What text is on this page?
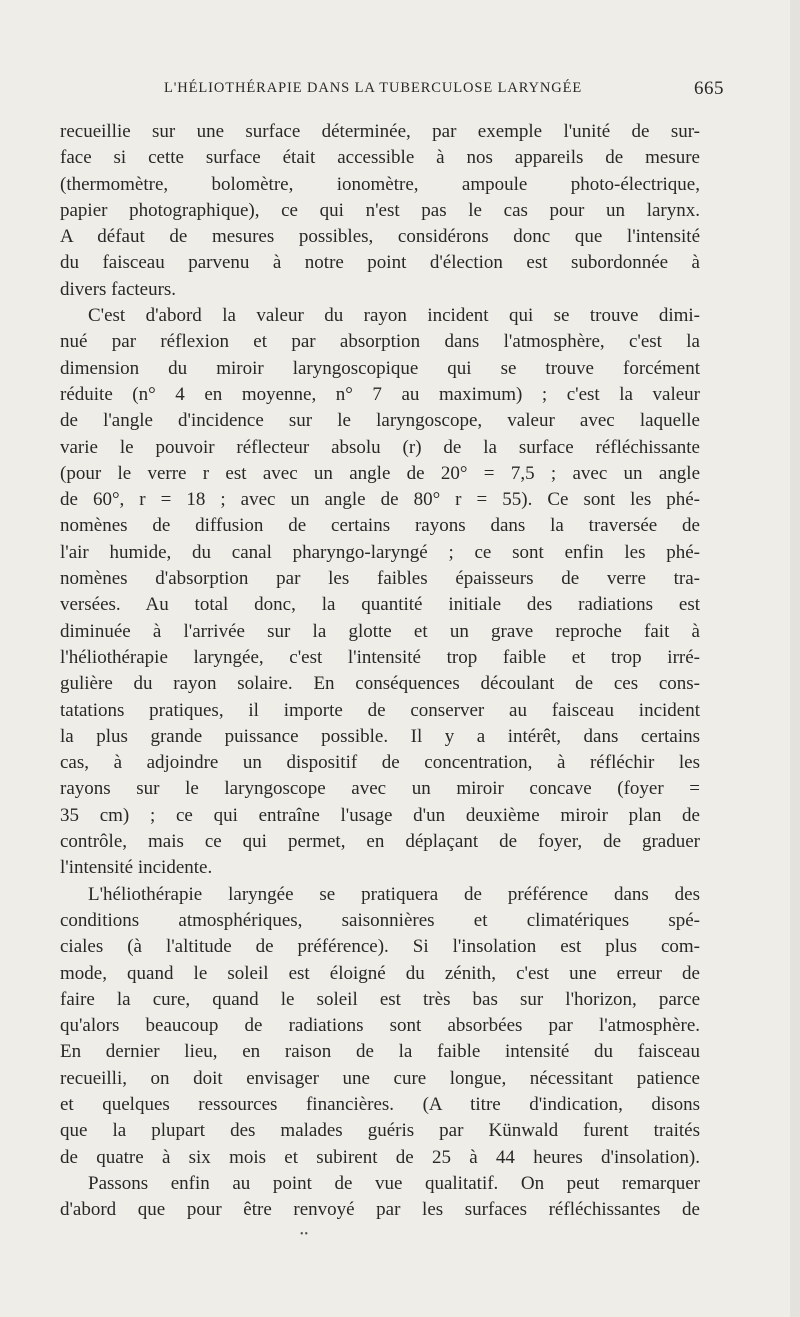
L'HÉLIOTHÉRAPIE DANS LA TUBERCULOSE LARYNGÉE	665
recueillie sur une surface déterminée, par exemple l'unité de sur-
face si cette surface était accessible à nos appareils de mesure
(thermomètre, bolomètre, ionomètre, ampoule photo-électrique,
papier photographique), ce qui n'est pas le cas pour un larynx.
A défaut de mesures possibles, considérons donc que l'intensité
du faisceau parvenu à notre point d'élection est subordonnée à
divers facteurs.
C'est d'abord la valeur du rayon incident qui se trouve dimi-
nué par réflexion et par absorption dans l'atmosphère, c'est la
dimension du miroir laryngoscopique qui se trouve forcément
réduite (n° 4 en moyenne, n° 7 au maximum) ; c'est la valeur
de l'angle d'incidence sur le laryngoscope, valeur avec laquelle
varie le pouvoir réflecteur absolu (r) de la surface réfléchissante
(pour le verre r est avec un angle de 20° = 7,5 ; avec un angle
de 60°, r = 18 ; avec un angle de 80° r = 55). Ce sont les phé-
nomènes de diffusion de certains rayons dans la traversée de
l'air humide, du canal pharyngo-laryngé ; ce sont enfin les phé-
nomènes d'absorption par les faibles épaisseurs de verre tra-
versées. Au total donc, la quantité initiale des radiations est
diminuée à l'arrivée sur la glotte et un grave reproche fait à
l'héliothérapie laryngée, c'est l'intensité trop faible et trop irré-
gulière du rayon solaire. En conséquences découlant de ces cons-
tatations pratiques, il importe de conserver au faisceau incident
la plus grande puissance possible. Il y a intérêt, dans certains
cas, à adjoindre un dispositif de concentration, à réfléchir les
rayons sur le laryngoscope avec un miroir concave (foyer =
35 cm) ; ce qui entraîne l'usage d'un deuxième miroir plan de
contrôle, mais ce qui permet, en déplaçant de foyer, de graduer
l'intensité incidente.
L'héliothérapie laryngée se pratiquera de préférence dans des
conditions atmosphériques, saisonnières et climatériques spé-
ciales (à l'altitude de préférence). Si l'insolation est plus com-
mode, quand le soleil est éloigné du zénith, c'est une erreur de
faire la cure, quand le soleil est très bas sur l'horizon, parce
qu'alors beaucoup de radiations sont absorbées par l'atmosphère.
En dernier lieu, en raison de la faible intensité du faisceau
recueilli, on doit envisager une cure longue, nécessitant patience
et quelques ressources financières. (A titre d'indication, disons
que la plupart des malades guéris par Künwald furent traités
de quatre à six mois et subirent de 25 à 44 heures d'insolation).
Passons enfin au point de vue qualitatif. On peut remarquer
d'abord que pour être renvoyé par les surfaces réfléchissantes de
••
